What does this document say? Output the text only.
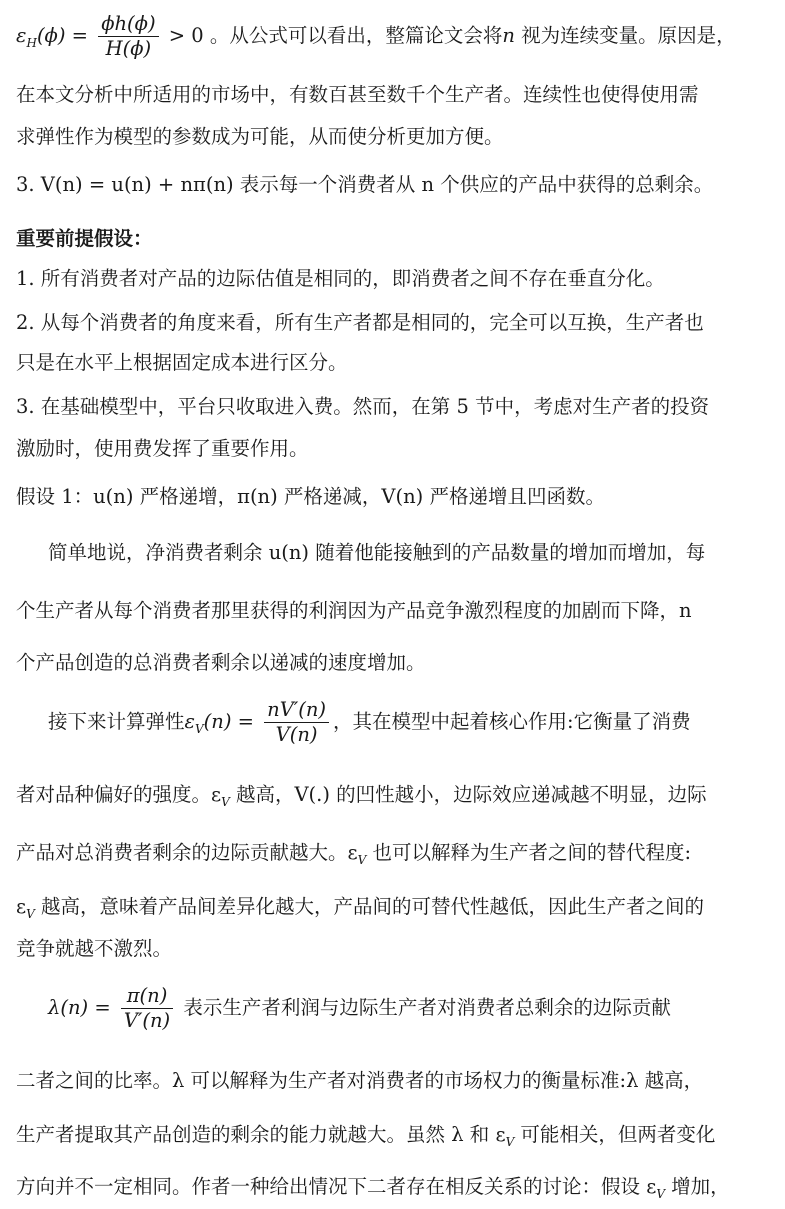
$\varepsilon_H(\phi) = \frac{\phi h(\phi)}{H(\phi)} > 0$ 。从公式可以看出，整篇论文会将n 视为连续变量。原因是，
在本文分析中所适用的市场中，有数百甚至数千个生产者。连续性也使得使用需
求弹性作为模型的参数成为可能，从而使分析更加方便。
3. V(n) = u(n) + nπ(n) 表示每一个消费者从 n 个供应的产品中获得的总剩余。
重要前提假设：
1. 所有消费者对产品的边际估值是相同的，即消费者之间不存在垂直分化。
2. 从每个消费者的角度来看，所有生产者都是相同的，完全可以互换，生产者也
只是在水平上根据固定成本进行区分。
3. 在基础模型中，平台只收取进入费。然而，在第 5 节中，考虑对生产者的投资
激励时，使用费发挥了重要作用。
假设 1：u(n) 严格递增，π(n) 严格递减，V(n) 严格递增且凹函数。
简单地说，净消费者剩余 u(n) 随着他能接触到的产品数量的增加而增加，每
个生产者从每个消费者那里获得的利润因为产品竞争激烈程度的加剧而下降，n
个产品创造的总消费者剩余以递减的速度增加。
接下来计算弹性$\varepsilon_V(n) = \frac{nV'(n)}{V(n)}$ ，其在模型中起着核心作用:它衡量了消费
者对品种偏好的强度。$\varepsilon_V$ 越高，V(.) 的凹性越小，边际效应递减越不明显，边际
产品对总消费者剩余的边际贡献越大。$\varepsilon_V$ 也可以解释为生产者之间的替代程度:
$\varepsilon_V$ 越高，意味着产品间差异化越大，产品间的可替代性越低，因此生产者之间的
竞争就越不激烈。
$\lambda(n) = \frac{\pi(n)}{V'(n)}$ 表示生产者利润与边际生产者对消费者总剩余的边际贡献
二者之间的比率。λ 可以解释为生产者对消费者的市场权力的衡量标准:λ 越高，
生产者提取其产品创造的剩余的能力就越大。虽然 λ 和 $\varepsilon_V$ 可能相关，但两者变化
方向并不一定相同。作者一种给出情况下二者存在相反关系的讨论：假设 $\varepsilon_V$ 增加，
